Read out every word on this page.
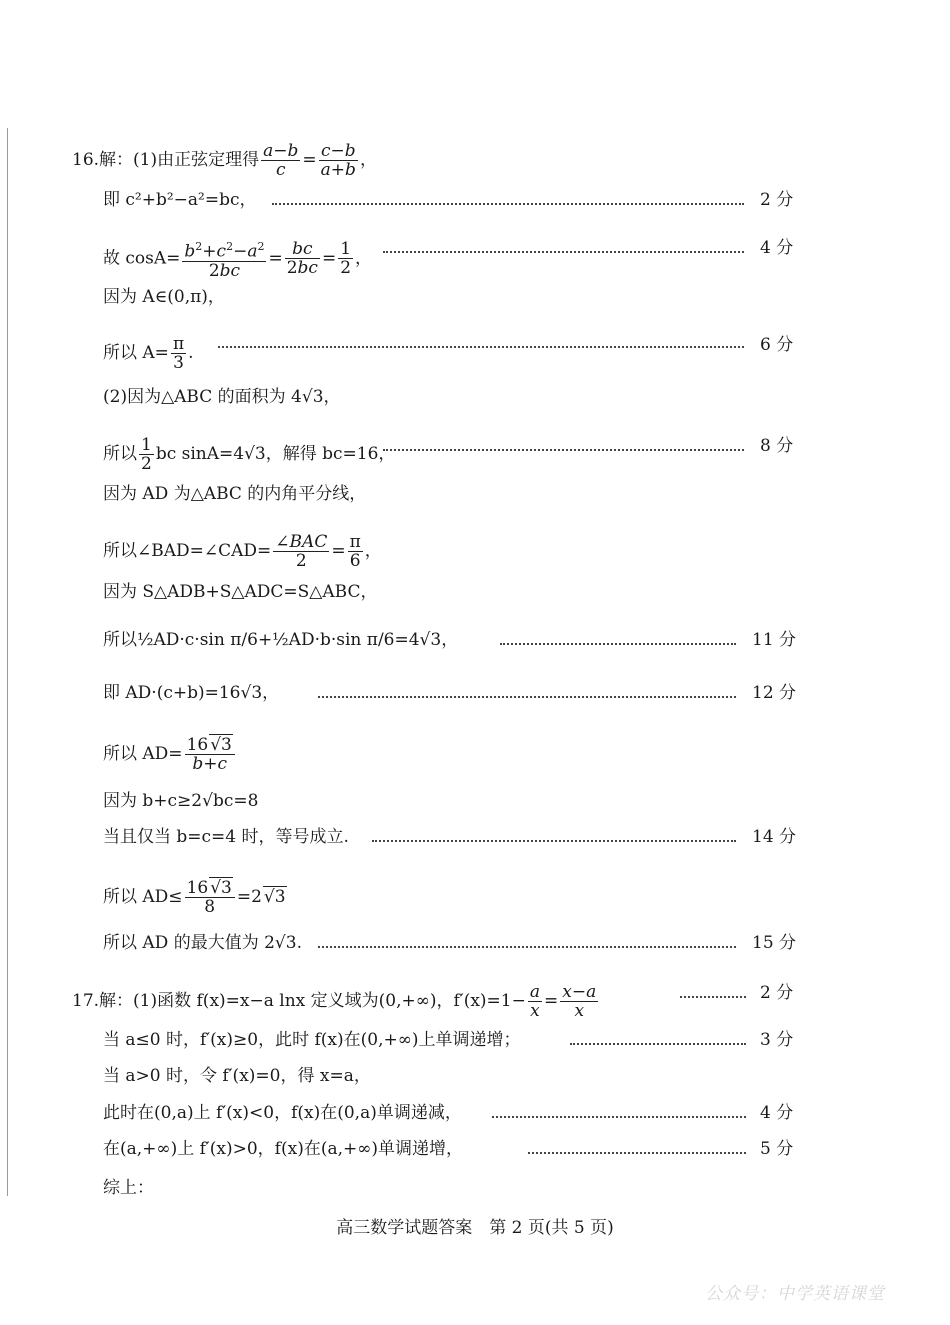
16.解：(1)由正弦定理得 $\frac{a-b}{c} = \frac{c-b}{a+b}$ ，
即 c²+b²−a²=bc，	2 分
故 $\cos A= \frac{b^2+c^2-a^2}{2bc} = \frac{bc}{2bc} = \frac{1}{2}$ ，
4 分
因为 A∈(0,π)，
所以 $A= \frac{\pi}{3}$ .	6 分
(2)因为△ABC 的面积为 4√3，
所以 $\frac{1}{2}$ bc sinA=4√3，解得 bc=16，	8 分
因为 AD 为△ABC 的内角平分线，
所以∠BAD=∠CAD= $\frac{\text{∠BAC}}{2} = \frac{\pi}{6}$ ，
因为 S△ADB+S△ADC=S△ABC，
所以½AD·c·sin π/6+½AD·b·sin π/6=4√3，	11 分
即 AD·(c+b)=16√3，	12 分
所以 $AD= \frac{16 √3}{b+c}$
因为 b+c≥2√bc=8
当且仅当 b=c=4 时，等号成立.	14 分
所以 $AD\le \frac{16 √3}{8} =2$ √3
所以 AD 的最大值为 2√3.	15 分
17.解：(1)函数 f(x)=x−a lnx 定义域为(0,+∞)，$f'(x)=1- \frac{a}{x} = \frac{x-a}{x}$	2 分
当 a≤0 时，f′(x)≥0，此时 f(x)在(0,+∞)上单调递增；	3 分
当 a>0 时，令 f′(x)=0，得 x=a，
此时在(0,a)上 f′(x)<0，f(x)在(0,a)单调递减，	4 分
在(a,+∞)上 f′(x)>0，f(x)在(a,+∞)单调递增，	5 分
综上：
高三数学试题答案　第 2 页(共 5 页)
公众号：中学英语课堂
